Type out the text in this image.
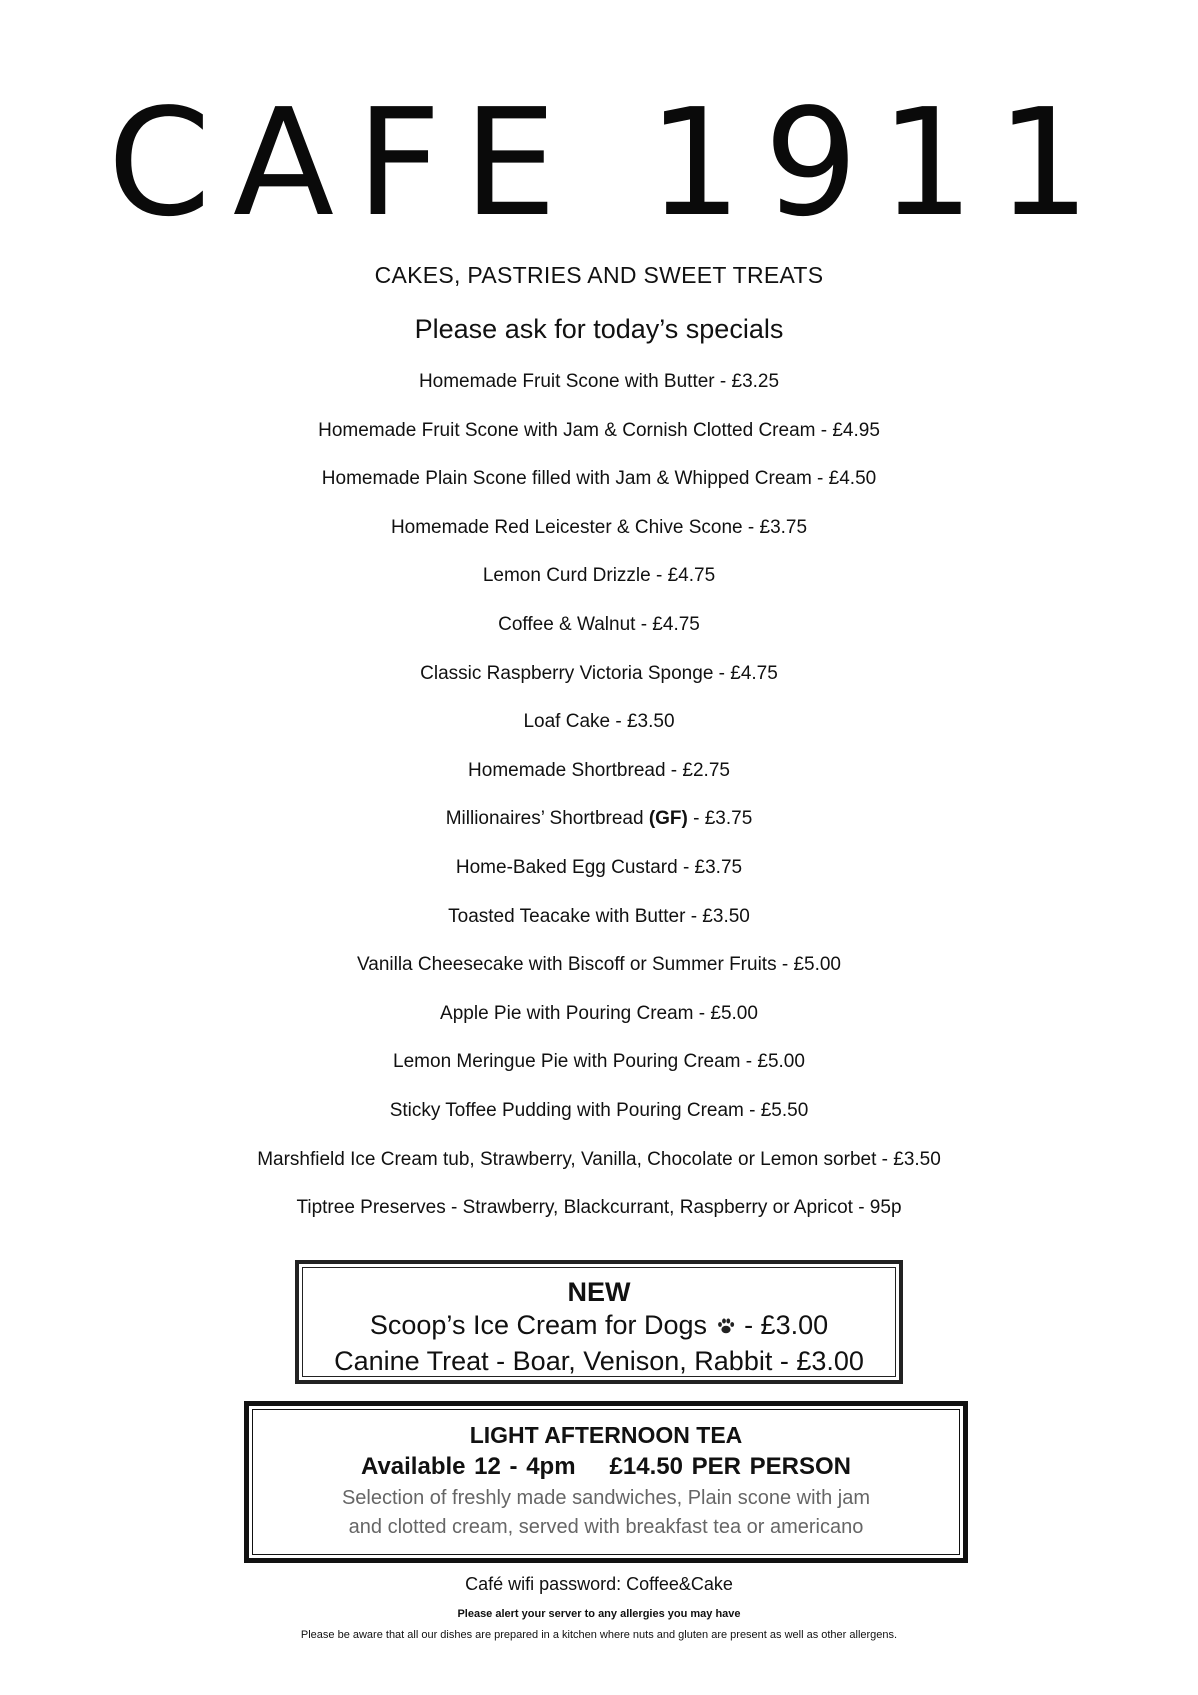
CAFE 1911
CAKES, PASTRIES AND SWEET TREATS
Please ask for today’s specials
Homemade Fruit Scone with Butter - £3.25
Homemade Fruit Scone with Jam & Cornish Clotted Cream - £4.95
Homemade Plain Scone filled with Jam & Whipped Cream - £4.50
Homemade Red Leicester & Chive Scone - £3.75
Lemon Curd Drizzle - £4.75
Coffee & Walnut - £4.75
Classic Raspberry Victoria Sponge - £4.75
Loaf Cake - £3.50
Homemade Shortbread - £2.75
Millionaires’ Shortbread (GF) - £3.75
Home-Baked Egg Custard - £3.75
Toasted Teacake with Butter - £3.50
Vanilla Cheesecake with Biscoff or Summer Fruits - £5.00
Apple Pie with Pouring Cream - £5.00
Lemon Meringue Pie with Pouring Cream - £5.00
Sticky Toffee Pudding with Pouring Cream - £5.50
Marshfield Ice Cream tub, Strawberry, Vanilla, Chocolate or Lemon sorbet - £3.50
Tiptree Preserves - Strawberry, Blackcurrant, Raspberry or Apricot - 95p
NEW
Scoop’s Ice Cream for Dogs - £3.00
Canine Treat - Boar, Venison, Rabbit - £3.00
LIGHT AFTERNOON TEA
Available 12 - 4pm £14.50 PER PERSON
Selection of freshly made sandwiches, Plain scone with jam
and clotted cream, served with breakfast tea or americano
Café wifi password: Coffee&Cake
Please alert your server to any allergies you may have
Please be aware that all our dishes are prepared in a kitchen where nuts and gluten are present as well as other allergens.
